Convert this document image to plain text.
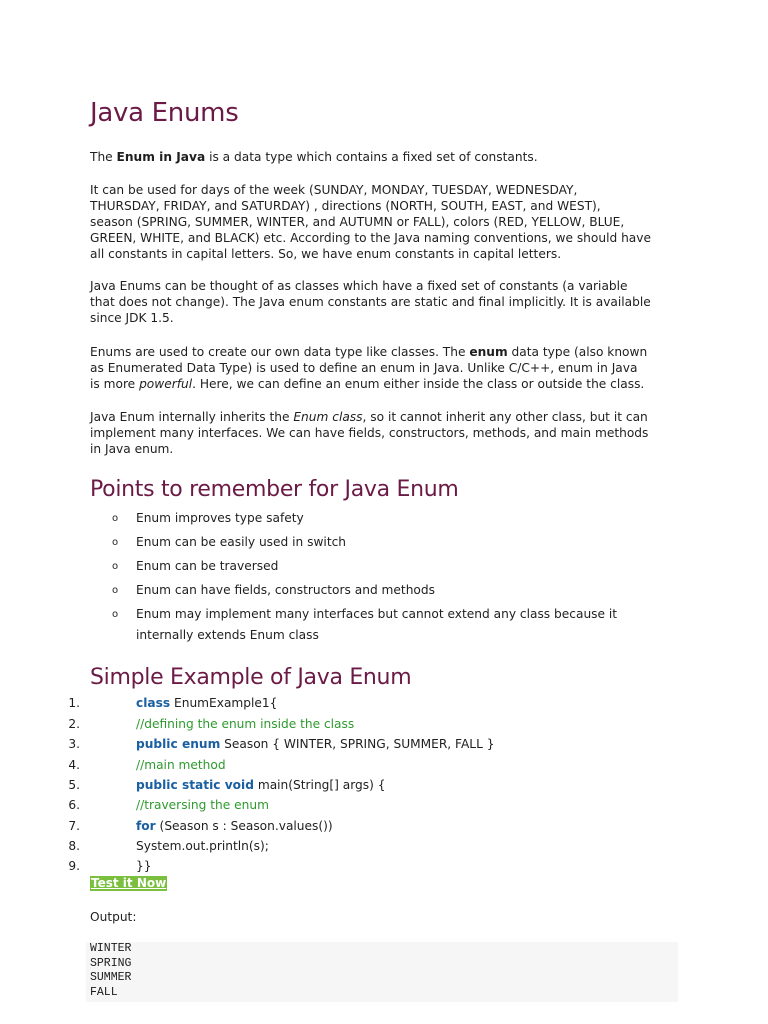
Java Enums

The Enum in Java is a data type which contains a fixed set of constants.

It can be used for days of the week (SUNDAY, MONDAY, TUESDAY, WEDNESDAY,
THURSDAY, FRIDAY, and SATURDAY) , directions (NORTH, SOUTH, EAST, and WEST),
season (SPRING, SUMMER, WINTER, and AUTUMN or FALL), colors (RED, YELLOW, BLUE,
GREEN, WHITE, and BLACK) etc. According to the Java naming conventions, we should have
all constants in capital letters. So, we have enum constants in capital letters.
Java Enums can be thought of as classes which have a fixed set of constants (a variable
that does not change). The Java enum constants are static and final implicitly. It is available
since JDK 1.5.
Enums are used to create our own data type like classes. The enum data type (also known
as Enumerated Data Type) is used to define an enum in Java. Unlike C/C++, enum in Java
is more powerful. Here, we can define an enum either inside the class or outside the class.
Java Enum internally inherits the Enum class, so it cannot inherit any other class, but it can
implement many interfaces. We can have fields, constructors, methods, and main methods
in Java enum.
Points to remember for Java Enum
o Enum improves type safety
o Enum can be easily used in switch
o Enum can be traversed
o Enum can have fields, constructors and methods
o Enum may implement many interfaces but cannot extend any class because it internally extends Enum class
Simple Example of Java Enum
1.	class EnumExample1{
2.	//defining the enum inside the class
3.	public enum Season { WINTER, SPRING, SUMMER, FALL }
4.	//main method
5.	public static void main(String[] args) {
6.	//traversing the enum
7.	for (Season s : Season.values())
8.	System.out.println(s);
9.	}}
Test it Now
Output:
WINTER
SPRING
SUMMER
FALL
